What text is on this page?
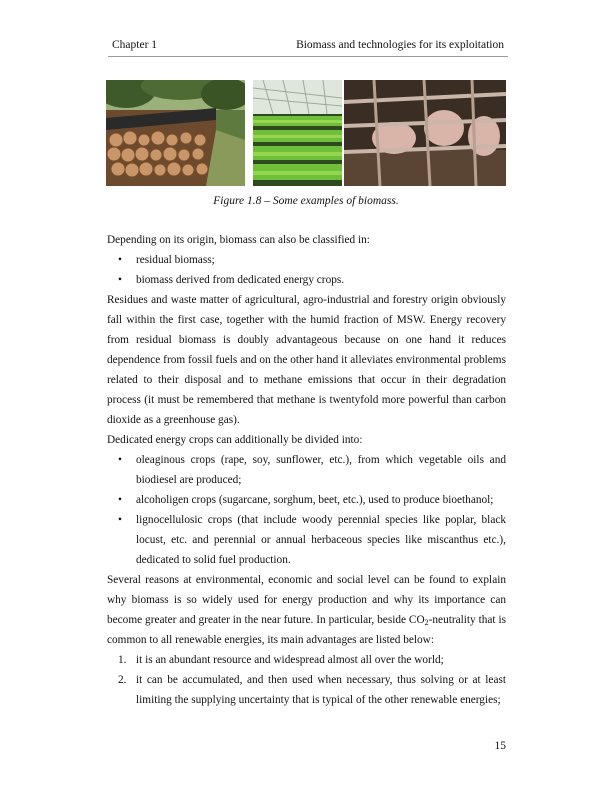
Chapter 1	Biomass and technologies for its exploitation
Figure 1.8 – Some examples of biomass.
Depending on its origin, biomass can also be classified in:
• residual biomass;
• biomass derived from dedicated energy crops.
Residues and waste matter of agricultural, agro-industrial and forestry origin obviously
fall within the first case, together with the humid fraction of MSW. Energy recovery
from residual biomass is doubly advantageous because on one hand it reduces
dependence from fossil fuels and on the other hand it alleviates environmental problems
related to their disposal and to methane emissions that occur in their degradation
process (it must be remembered that methane is twentyfold more powerful than carbon
dioxide as a greenhouse gas).
Dedicated energy crops can additionally be divided into:
• oleaginous crops (rape, soy, sunflower, etc.), from which vegetable oils and
biodiesel are produced;
• alcoholigen crops (sugarcane, sorghum, beet, etc.), used to produce bioethanol;
• lignocellulosic crops (that include woody perennial species like poplar, black
locust, etc. and perennial or annual herbaceous species like miscanthus etc.),
dedicated to solid fuel production.
Several reasons at environmental, economic and social level can be found to explain
why biomass is so widely used for energy production and why its importance can
become greater and greater in the near future. In particular, beside $CO_2$-neutrality that is
common to all renewable energies, its main advantages are listed below:
1. it is an abundant resource and widespread almost all over the world;
2. it can be accumulated, and then used when necessary, thus solving or at least
limiting the supplying uncertainty that is typical of the other renewable energies;
15
